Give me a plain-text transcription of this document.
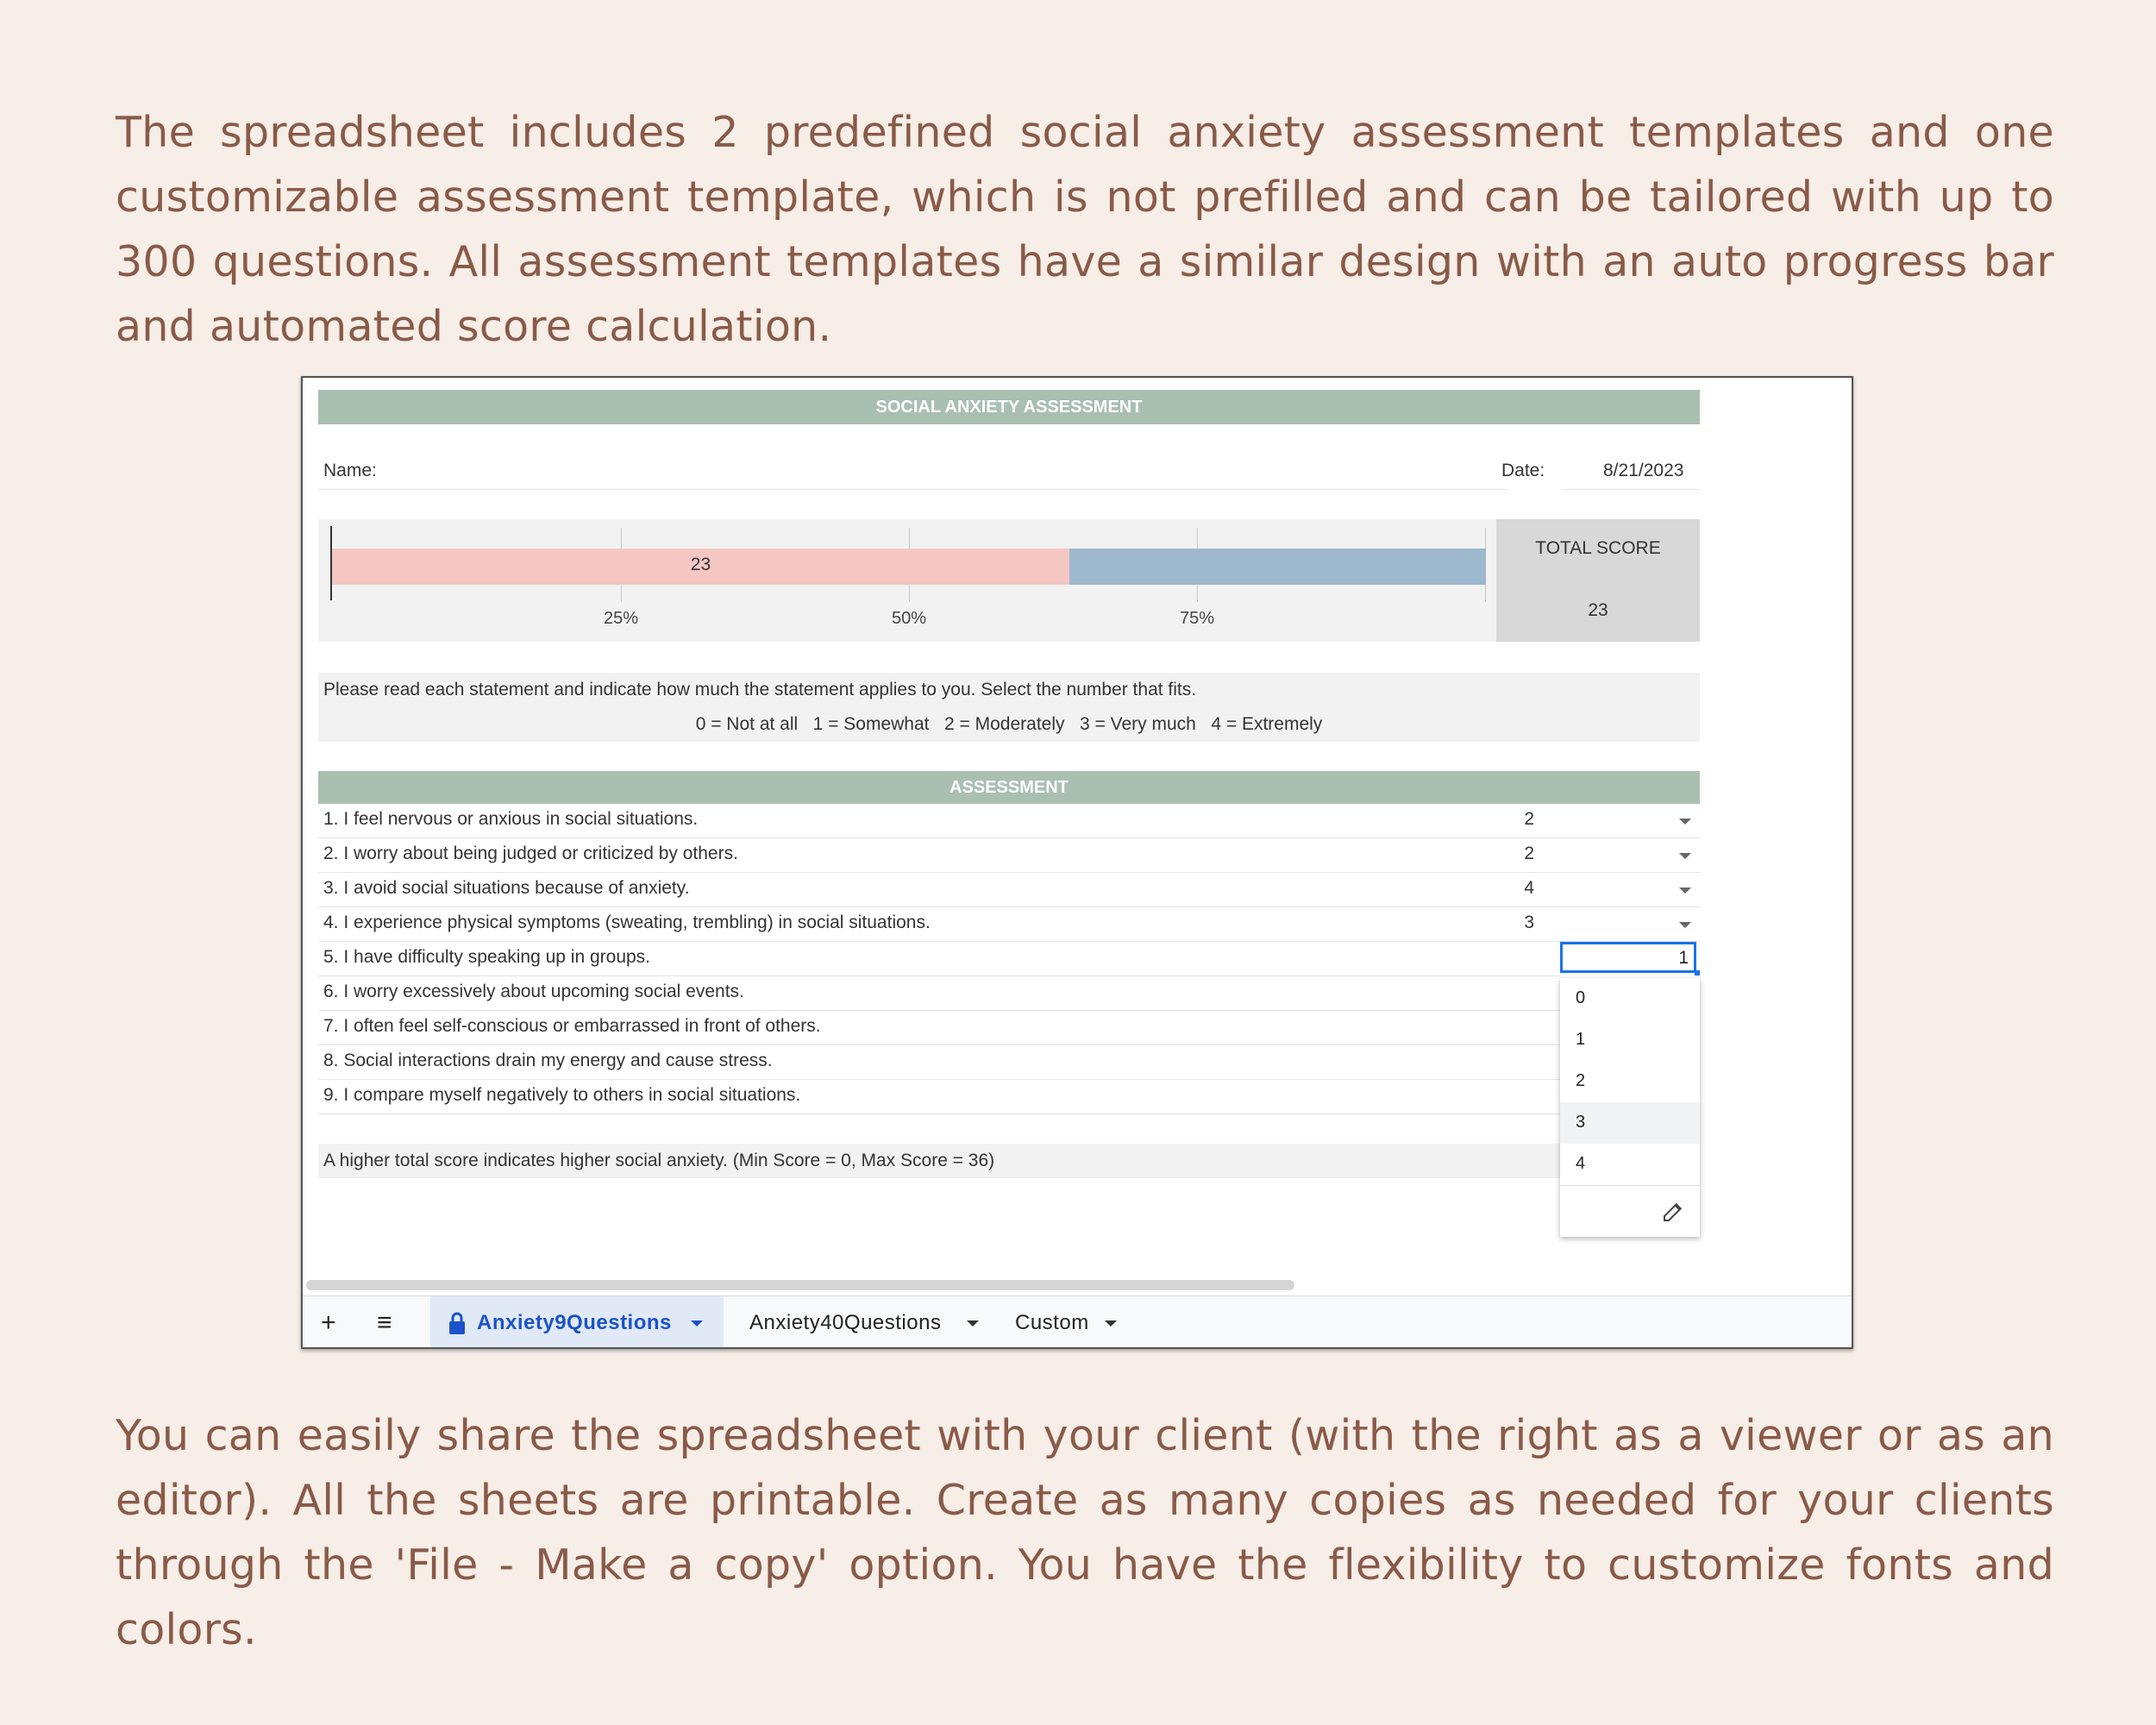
The spreadsheet includes 2 predefined social anxiety assessment templates and one customizable assessment template, which is not prefilled and can be tailored with up to 300 questions. All assessment templates have a similar design with an auto progress bar and automated score calculation.
SOCIAL ANXIETY ASSESSMENT
Name:	Date:	8/21/2023
23
25%	50%	75%
TOTAL SCORE
23
Please read each statement and indicate how much the statement applies to you. Select the number that fits.
0 = Not at all   1 = Somewhat   2 = Moderately   3 = Very much   4 = Extremely
ASSESSMENT
1. I feel nervous or anxious in social situations.	2
2. I worry about being judged or criticized by others.	2
3. I avoid social situations because of anxiety.	4
4. I experience physical symptoms (sweating, trembling) in social situations.	3
5. I have difficulty speaking up in groups.	1
6. I worry excessively about upcoming social events.
7. I often feel self-conscious or embarrassed in front of others.
8. Social interactions drain my energy and cause stress.
9. I compare myself negatively to others in social situations.
A higher total score indicates higher social anxiety. (Min Score = 0, Max Score = 36)
0
1
2
3
4
+ ≡	Anxiety9Questions	Anxiety40Questions	Custom
You can easily share the spreadsheet with your client (with the right as a viewer or as an editor). All the sheets are printable. Create as many copies as needed for your clients through the 'File - Make a copy' option. You have the flexibility to customize fonts and colors.
